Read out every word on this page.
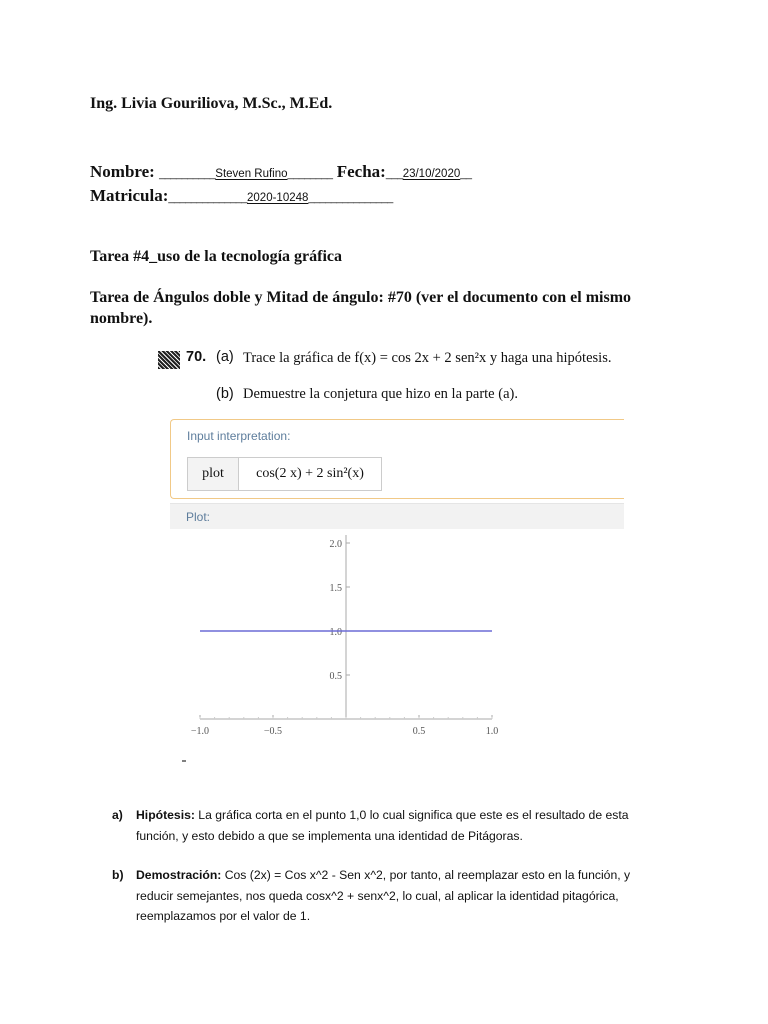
Ing. Livia Gouriliova, M.Sc., M.Ed.
Nombre: __________Steven Rufino________ Fecha:___23/10/2020__
Matricula:______________2020-10248_______________
Tarea #4_uso de la tecnología gráfica
Tarea de Ángulos doble y Mitad de ángulo: #70 (ver el documento con el mismo nombre).
70. (a) Trace la gráfica de f(x) = cos 2x + 2 sen²x y haga una hipótesis.
(b) Demuestre la conjetura que hizo en la parte (a).
Input interpretation:
plot	cos(2 x) + 2 sin²(x)
Plot:
−1.0	−0.5	0.5	1.0
0.5
1.0
1.5
2.0
a) Hipótesis: La gráfica corta en el punto 1,0 lo cual significa que este es el resultado de esta función, y esto debido a que se implementa una identidad de Pitágoras.
b) Demostración: Cos (2x) = Cos x^2 - Sen x^2, por tanto, al reemplazar esto en la función, y reducir semejantes, nos queda cosx^2 + senx^2, lo cual, al aplicar la identidad pitagórica, reemplazamos por el valor de 1.
